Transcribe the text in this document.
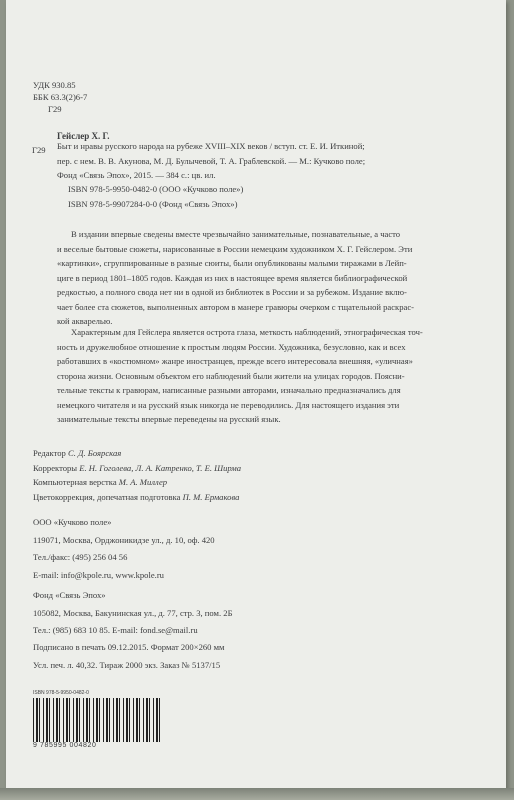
УДК 930.85
ББК 63.3(2)6-7
Г29
Гейслер Х. Г.
Г29 Быт и нравы русского народа на рубеже XVIII–XIX веков / вступ. ст. Е. И. Иткиной;
пер. с нем. В. В. Акунова, М. Д. Булычевой, Т. А. Граблевской. — М.: Кучково поле;
Фонд «Связь Эпох», 2015. — 384 с.: цв. ил.
ISBN 978-5-9950-0482-0 (ООО «Кучково поле»)
ISBN 978-5-9907284-0-0 (Фонд «Связь Эпох»)
В издании впервые сведены вместе чрезвычайно занимательные, познавательные, а часто
и веселые бытовые сюжеты, нарисованные в России немецким художником Х. Г. Гейслером. Эти
«картинки», сгруппированные в разные сюиты, были опубликованы малыми тиражами в Лейп-
циге в период 1801–1805 годов. Каждая из них в настоящее время является библиографической
редкостью, а полного свода нет ни в одной из библиотек в России и за рубежом. Издание вклю-
чает более ста сюжетов, выполненных автором в манере гравюры очерком с тщательной раскрас-
кой акварелью.
Характерным для Гейслера является острота глаза, меткость наблюдений, этнографическая точ-
ность и дружелюбное отношение к простым людям России. Художника, безусловно, как и всех
работавших в «костюмном» жанре иностранцев, прежде всего интересовала внешняя, «уличная»
сторона жизни. Основным объектом его наблюдений были жители на улицах городов. Поясни-
тельные тексты к гравюрам, написанные разными авторами, изначально предназначались для
немецкого читателя и на русский язык никогда не переводились. Для настоящего издания эти
занимательные тексты впервые переведены на русский язык.
Редактор С. Д. Боярская
Корректоры Е. Н. Гоголева, Л. А. Катренко, Т. Е. Ширма
Компьютерная верстка М. А. Миллер
Цветокоррекция, допечатная подготовка П. М. Ермакова
ООО «Кучково поле»
119071, Москва, Орджоникидзе ул., д. 10, оф. 420
Тел./факс: (495) 256 04 56
E-mail: info@kpole.ru, www.kpole.ru
Фонд «Связь Эпох»
105082, Москва, Бакунинская ул., д. 77, стр. 3, пом. 2Б
Тел.: (985) 683 10 85. E-mail: fond.se@mail.ru
Подписано в печать 09.12.2015. Формат 200×260 мм
Усл. печ. л. 40,32. Тираж 2000 экз. Заказ № 5137/15
ISBN 978-5-9950-0482-0
9 785995 004820
